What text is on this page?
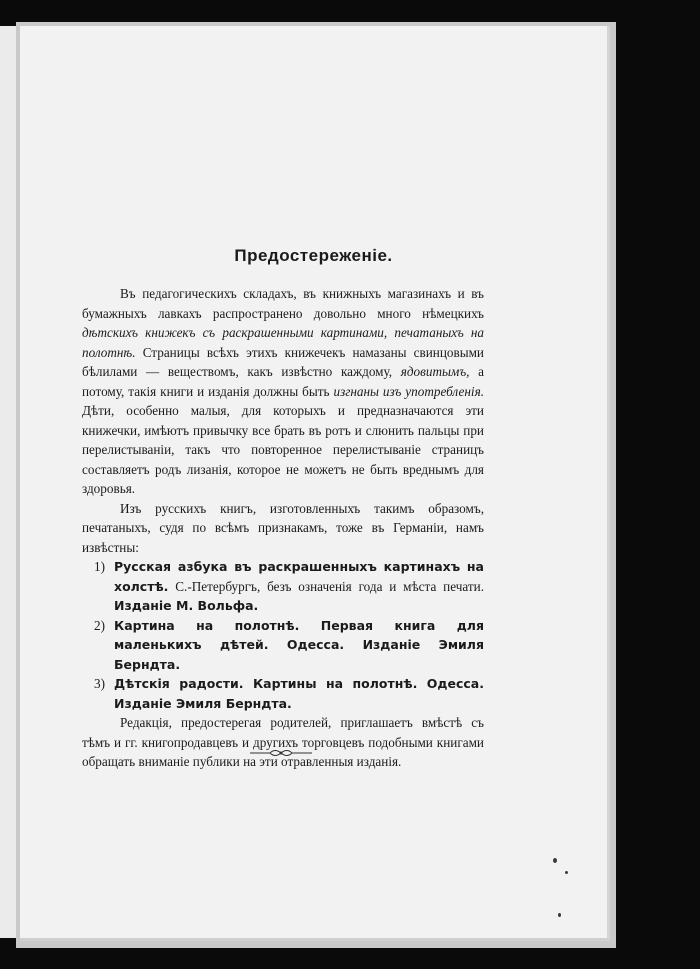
Предостереженіе.

Въ педагогическихъ складахъ, въ книжныхъ магазинахъ и въ бумажныхъ лавкахъ распространено довольно много нѣмецкихъ дѣтскихъ книжекъ съ раскрашенными картинами, печатаныхъ на полотнѣ. Страницы всѣхъ этихъ книжечекъ намазаны свинцовыми бѣлилами — веществомъ, какъ извѣстно каждому, ядовитымъ, а потому, такія книги и изданія должны быть изгнаны изъ употребленія. Дѣти, особенно малыя, для которыхъ и предназначаются эти книжечки, имѣютъ привычку все брать въ ротъ и слюнить пальцы при перелистываніи, такъ что повторенное перелистываніе страницъ составляетъ родъ лизанія, которое не можетъ не быть вреднымъ для здоровья.

Изъ русскихъ книгъ, изготовленныхъ такимъ образомъ, печатаныхъ, судя по всѣмъ признакамъ, тоже въ Германіи, намъ извѣстны:

1) Русская азбука въ раскрашенныхъ картинахъ на холстѣ. С.-Петербургъ, безъ означенія года и мѣста печати. Изданіе М. Вольфа.
2) Картина на полотнѣ. Первая книга для маленькихъ дѣтей. Одесса. Изданіе Эмиля Берндта.
3) Дѣтскія радости. Картины на полотнѣ. Одесса. Изданіе Эмиля Берндта.

Редакція, предостерегая родителей, приглашаетъ вмѣстѣ съ тѣмъ и гг. книгопродавцевъ и другихъ торговцевъ подобными книгами обращать вниманіе публики на эти отравленныя изданія.
